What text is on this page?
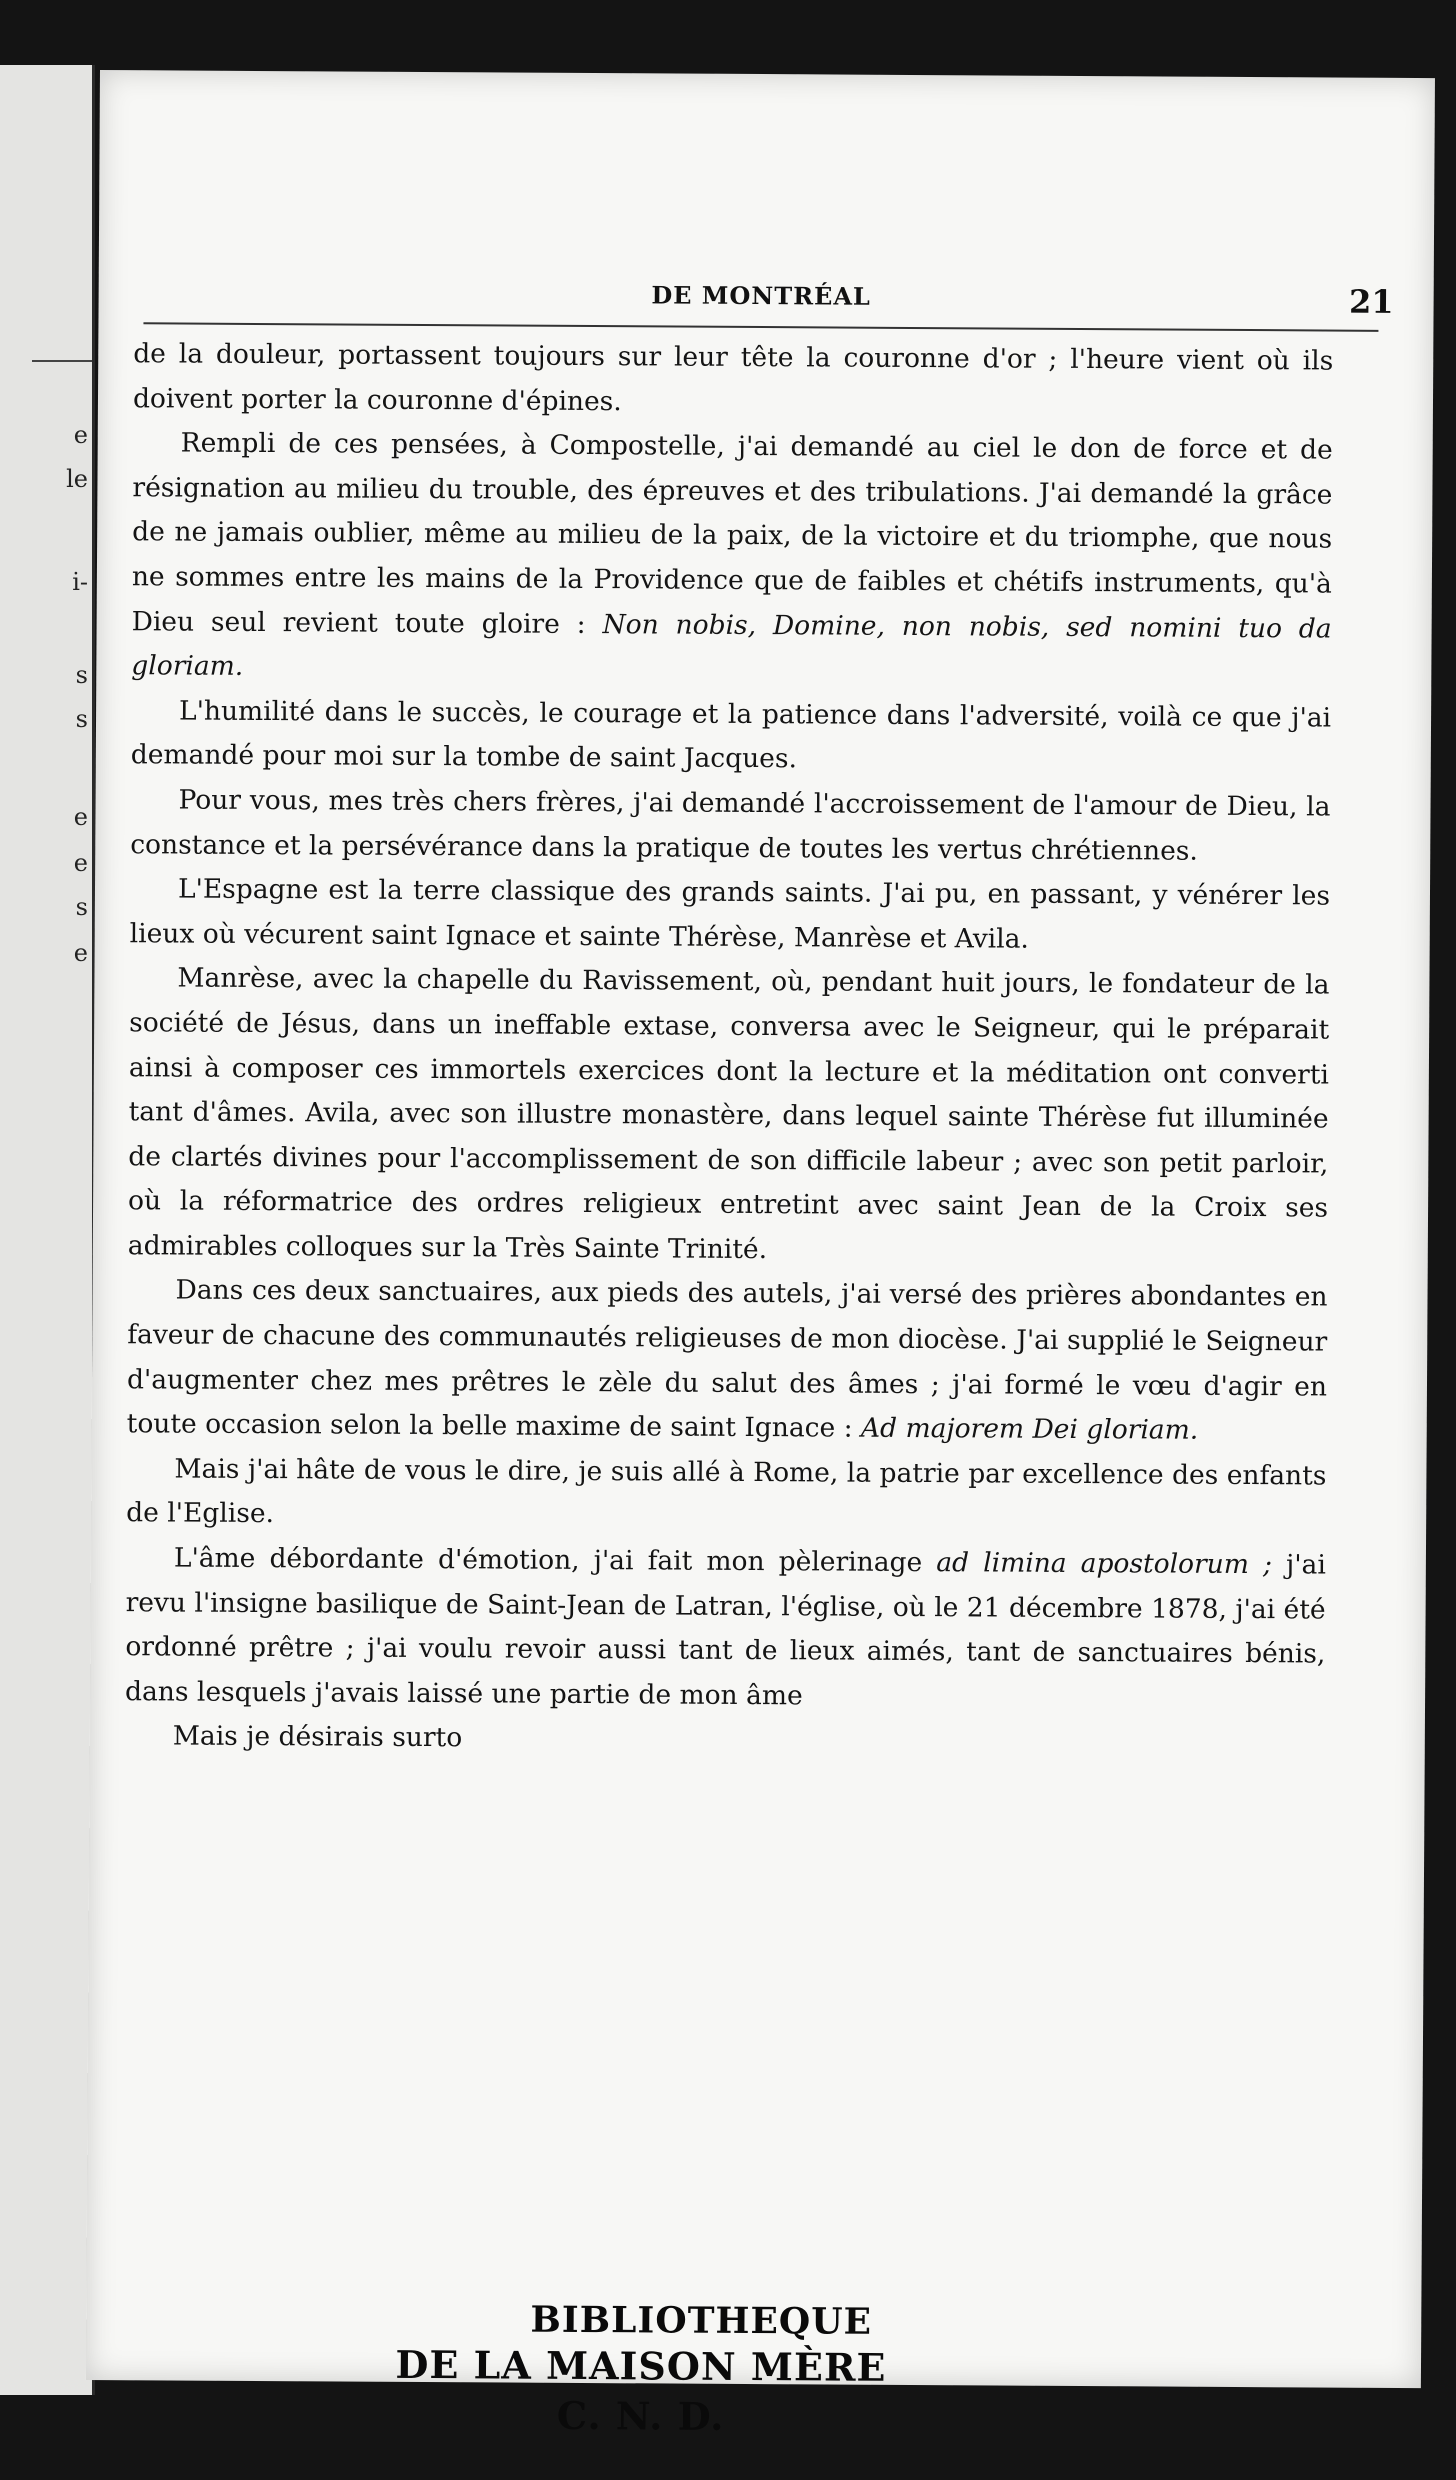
e
le
i-
s
s
e
e
s
e
DE MONTRÉAL	21

de la douleur, portassent toujours sur leur tête la couronne d'or ; l'heure vient où ils doivent porter la couronne d'épines.

Rempli de ces pensées, à Compostelle, j'ai demandé au ciel le don de force et de résignation au milieu du trouble, des épreuves et des tribulations. J'ai demandé la grâce de ne jamais oublier, même au milieu de la paix, de la victoire et du triomphe, que nous ne sommes entre les mains de la Providence que de faibles et chétifs instruments, qu'à Dieu seul revient toute gloire : Non nobis, Domine, non nobis, sed nomini tuo da gloriam.

L'humilité dans le succès, le courage et la patience dans l'adversité, voilà ce que j'ai demandé pour moi sur la tombe de saint Jacques.

Pour vous, mes très chers frères, j'ai demandé l'accroissement de l'amour de Dieu, la constance et la persévérance dans la pratique de toutes les vertus chrétiennes.

L'Espagne est la terre classique des grands saints. J'ai pu, en passant, y vénérer les lieux où vécurent saint Ignace et sainte Thérèse, Manrèse et Avila.

Manrèse, avec la chapelle du Ravissement, où, pendant huit jours, le fondateur de la société de Jésus, dans un ineffable extase, conversa avec le Seigneur, qui le préparait ainsi à composer ces immortels exercices dont la lecture et la méditation ont converti tant d'âmes. Avila, avec son illustre monastère, dans lequel sainte Thérèse fut illuminée de clartés divines pour l'accomplissement de son difficile labeur ; avec son petit parloir, où la réformatrice des ordres religieux entretint avec saint Jean de la Croix ses admirables colloques sur la Très Sainte Trinité.

Dans ces deux sanctuaires, aux pieds des autels, j'ai versé des prières abondantes en faveur de chacune des communautés religieuses de mon diocèse. J'ai supplié le Seigneur d'augmenter chez mes prêtres le zèle du salut des âmes ; j'ai formé le vœu d'agir en toute occasion selon la belle maxime de saint Ignace : Ad majorem Dei gloriam.

Mais j'ai hâte de vous le dire, je suis allé à Rome, la patrie par excellence des enfants de l'Eglise.

L'âme débordante d'émotion, j'ai fait mon pèlerinage ad limina apostolorum ; j'ai revu l'insigne basilique de Saint-Jean de Latran, l'église, où le 21 décembre 1878, j'ai été ordonné prêtre ; j'ai voulu revoir aussi tant de lieux aimés, tant de sanctuaires bénis, dans lesquels j'avais laissé une partie de mon âme

Mais je désirais surto

BIBLIOTHEQUE
DE LA MAISON MÈRE
C. N. D.
